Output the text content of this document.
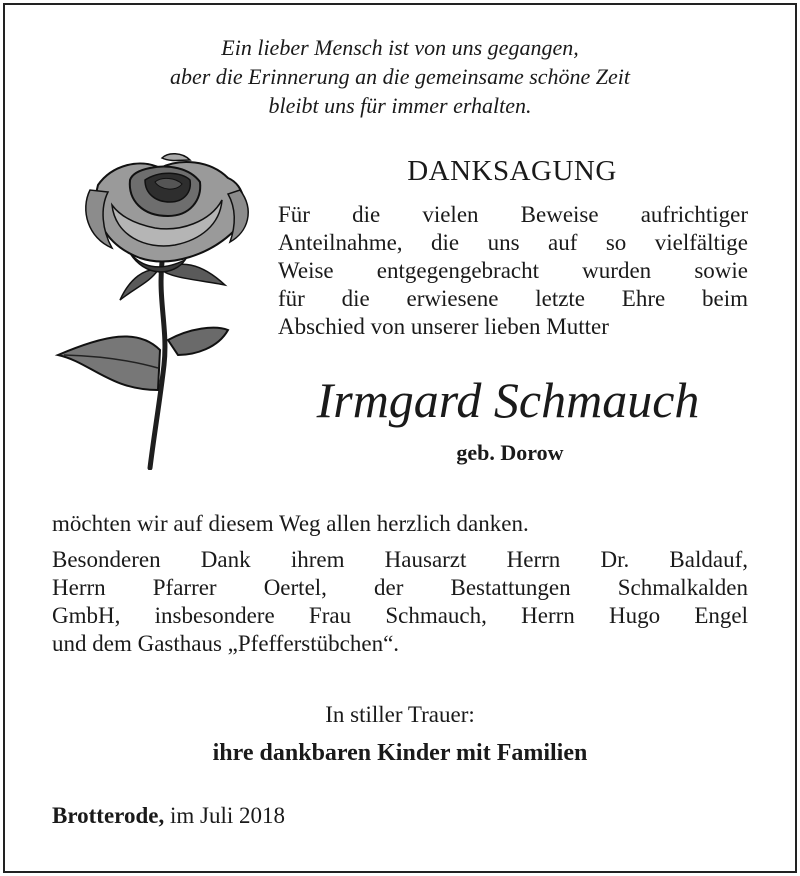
Ein lieber Mensch ist von uns gegangen,
aber die Erinnerung an die gemeinsame schöne Zeit
bleibt uns für immer erhalten.
DANKSAGUNG
Für die vielen Beweise aufrichtiger
Anteilnahme, die uns auf so vielfältige
Weise entgegengebracht wurden sowie
für die erwiesene letzte Ehre beim
Abschied von unserer lieben Mutter
Irmgard Schmauch
geb. Dorow
möchten wir auf diesem Weg allen herzlich danken.
Besonderen Dank ihrem Hausarzt Herrn Dr. Baldauf,
Herrn Pfarrer Oertel, der Bestattungen Schmalkalden
GmbH, insbesondere Frau Schmauch, Herrn Hugo Engel
und dem Gasthaus „Pfefferstübchen“.
In stiller Trauer:
ihre dankbaren Kinder mit Familien
Brotterode, im Juli 2018
